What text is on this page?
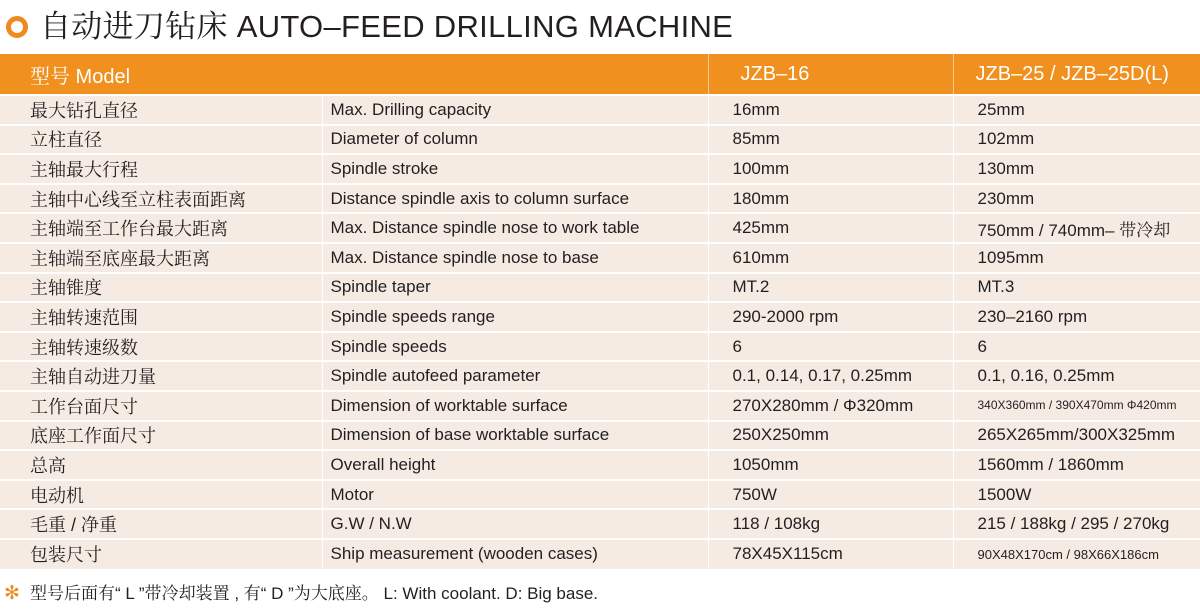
自动进刀钻床 AUTO–FEED DRILLING MACHINE
型号 Model		JZB–16	JZB–25 / JZB–25D(L)
最大钻孔直径	Max. Drilling capacity	16mm	25mm
立柱直径	Diameter of column	85mm	102mm
主轴最大行程	Spindle stroke	100mm	130mm
主轴中心线至立柱表面距离	Distance spindle axis to column surface	180mm	230mm
主轴端至工作台最大距离	Max. Distance spindle nose to work table	425mm	750mm / 740mm– 带冷却
主轴端至底座最大距离	Max. Distance spindle nose to base	610mm	1095mm
主轴锥度	Spindle taper	MT.2	MT.3
主轴转速范围	Spindle speeds range	290-2000 rpm	230–2160 rpm
主轴转速级数	Spindle speeds	6	6
主轴自动进刀量	Spindle autofeed parameter	0.1, 0.14, 0.17, 0.25mm	0.1, 0.16, 0.25mm
工作台面尺寸	Dimension of worktable surface	270X280mm / Φ320mm	340X360mm / 390X470mm Φ420mm
底座工作面尺寸	Dimension of base worktable surface	250X250mm	265X265mm/300X325mm
总高	Overall height	1050mm	1560mm / 1860mm
电动机	Motor	750W	1500W
毛重 / 净重	G.W / N.W	118 / 108kg	215 / 188kg / 295 / 270kg
包装尺寸	Ship measurement (wooden cases)	78X45X115cm	90X48X170cm / 98X66X186cm
✻ 型号后面有“ L ”带冷却装置 , 有“ D ”为大底座。 L: With coolant. D: Big base.
